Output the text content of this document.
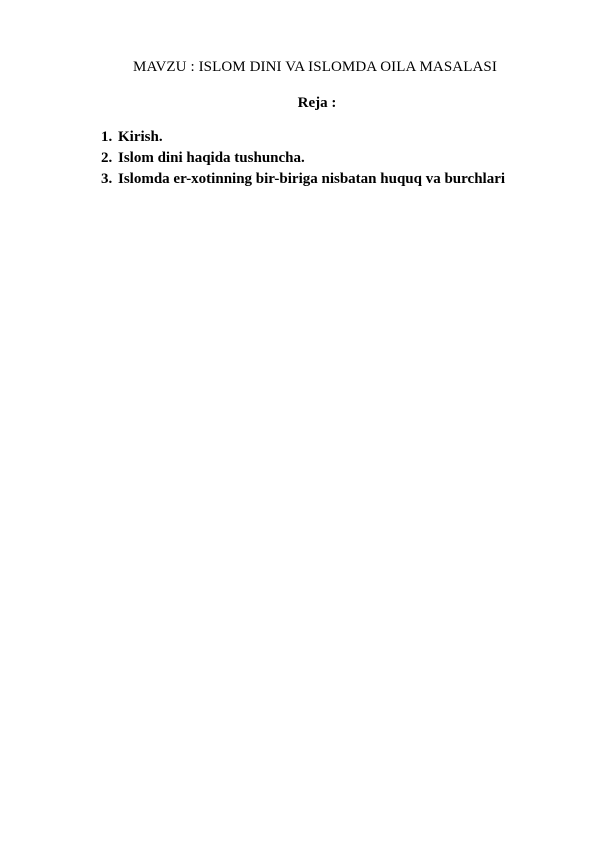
MAVZU : ISLOM DINI VA ISLOMDA OILA MASALASI
Reja :
1. Kirish.
2. Islom dini haqida tushuncha.
3. Islomda er-xotinning bir-biriga nisbatan huquq va burchlari
